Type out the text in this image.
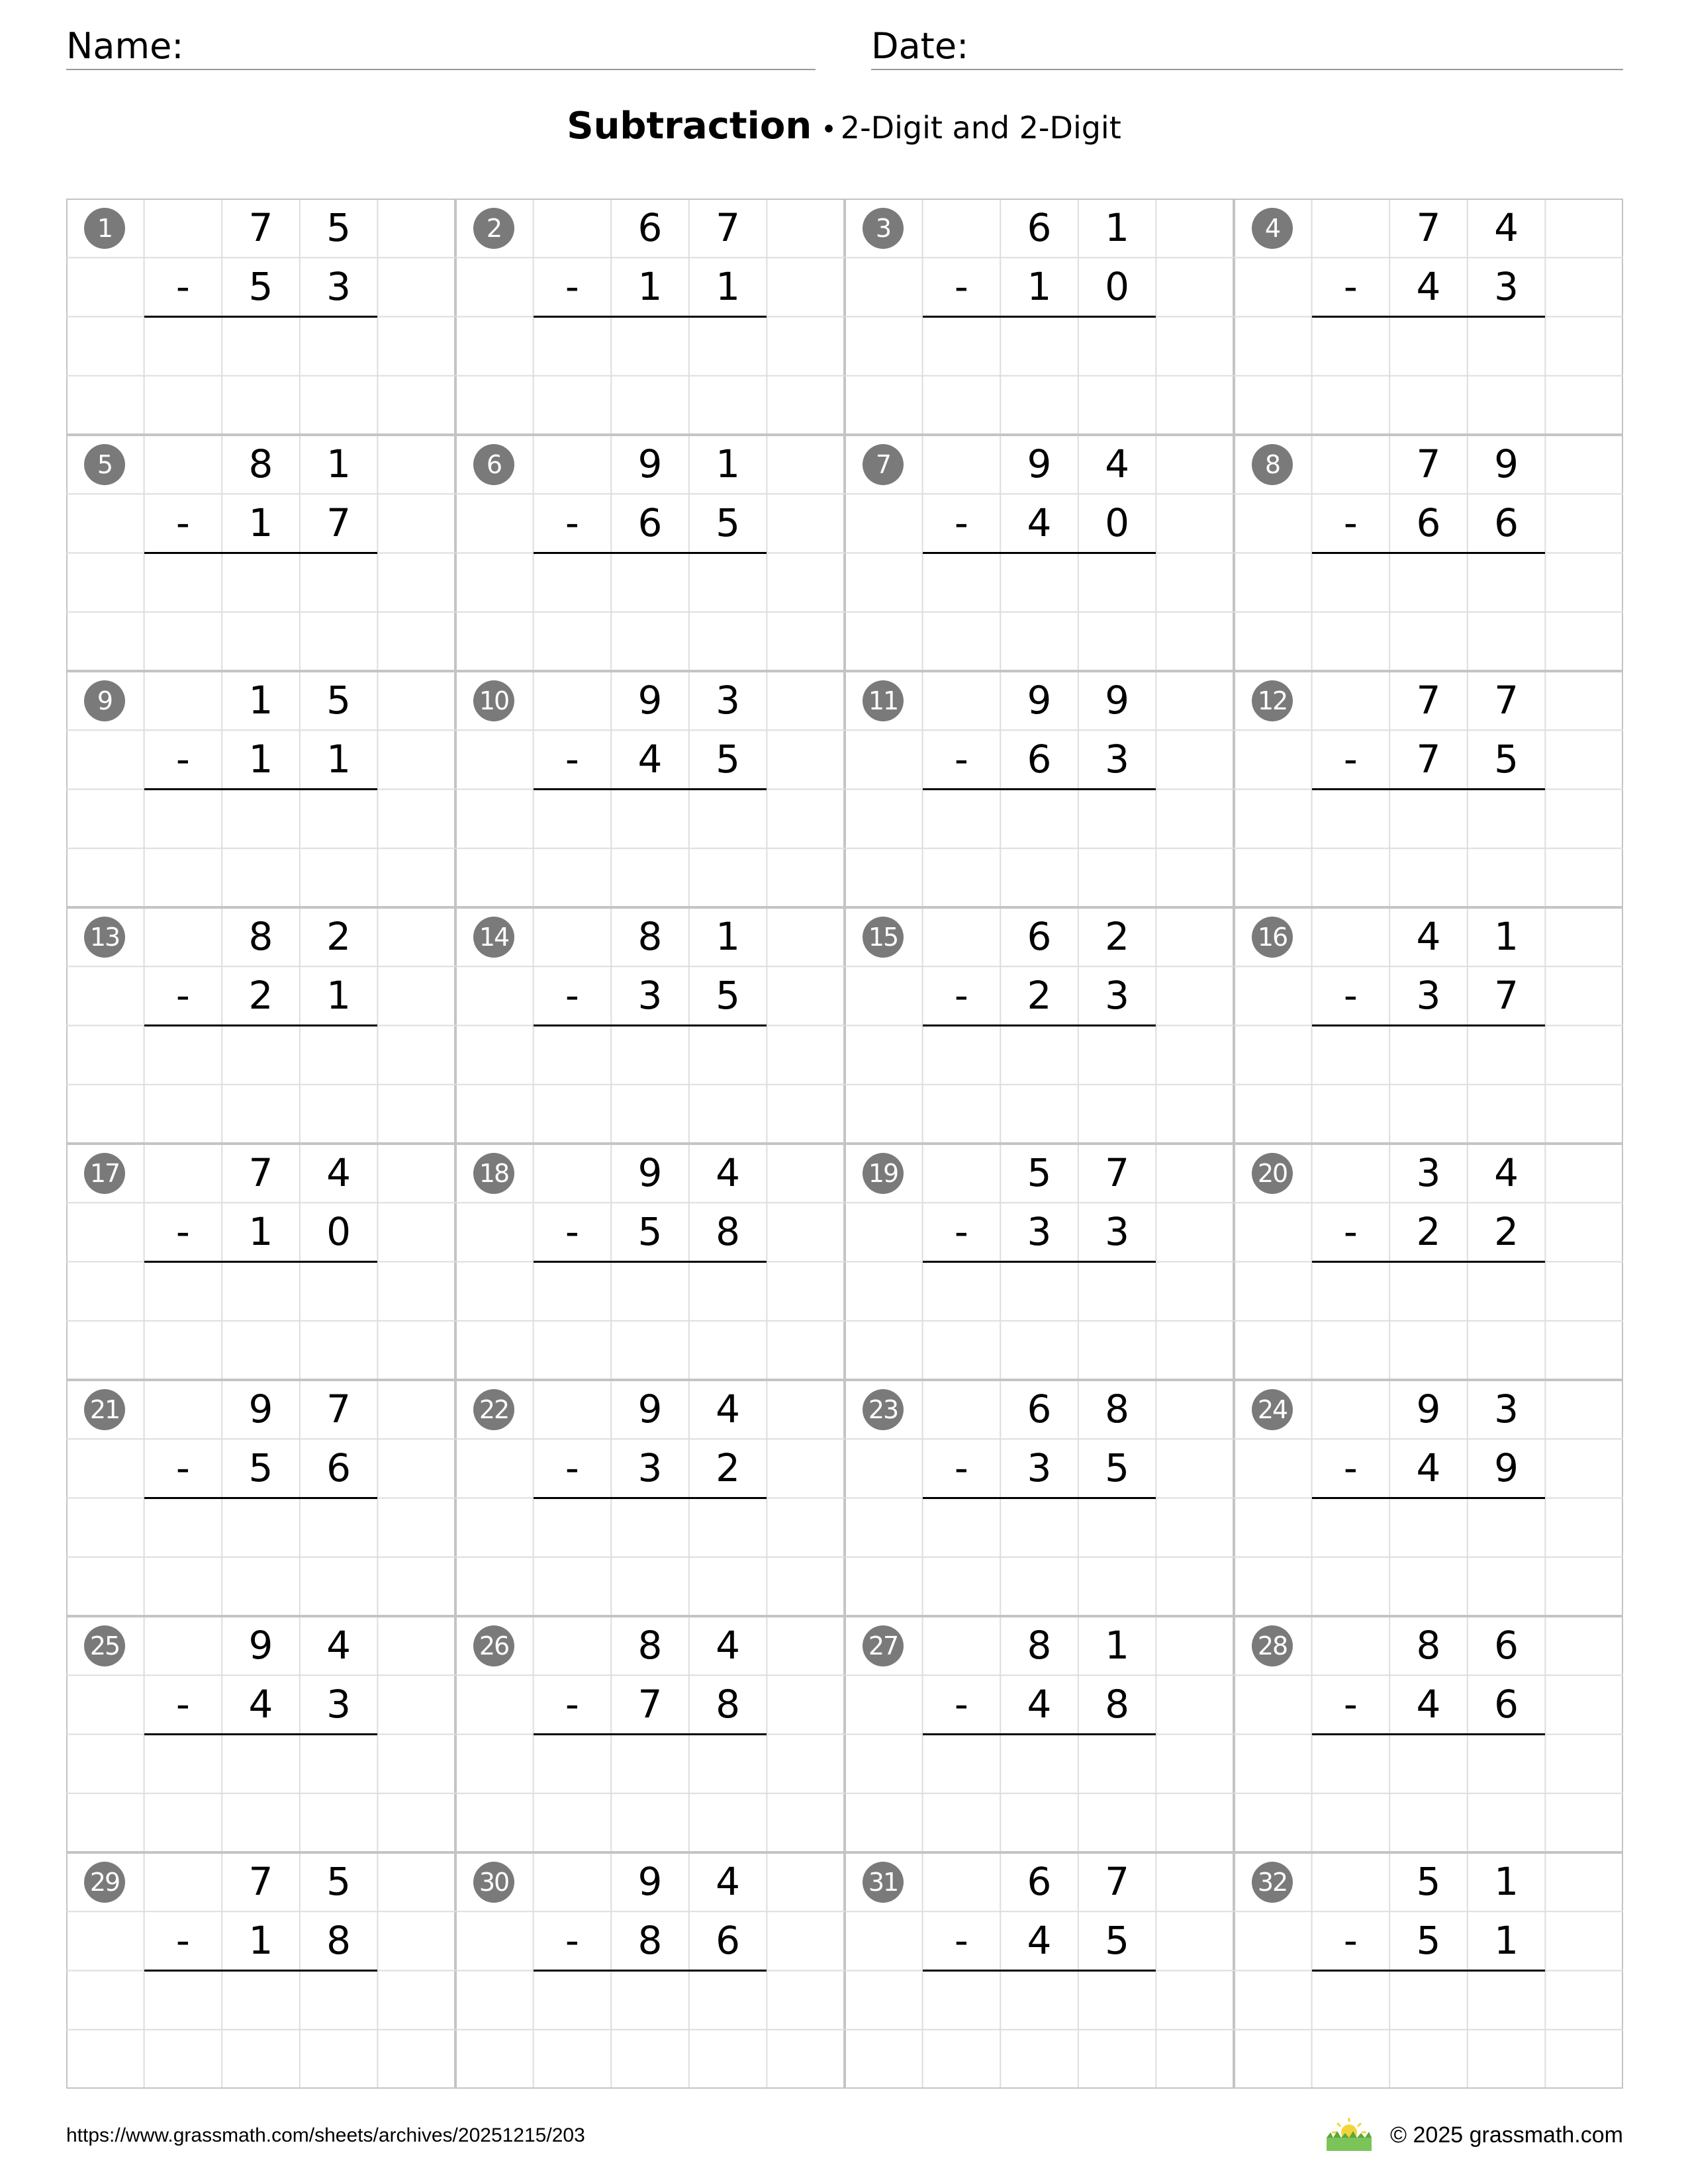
Name:	Date:
Subtraction • 2-Digit and 2-Digit
1	7	5
-	5	3
2	6	7
-	1	1
3	6	1
-	1	0
4	7	4
-	4	3
5	8	1
-	1	7
6	9	1
-	6	5
7	9	4
-	4	0
8	7	9
-	6	6
9	1	5
-	1	1
10	9	3
-	4	5
11	9	9
-	6	3
12	7	7
-	7	5
13	8	2
-	2	1
14	8	1
-	3	5
15	6	2
-	2	3
16	4	1
-	3	7
17	7	4
-	1	0
18	9	4
-	5	8
19	5	7
-	3	3
20	3	4
-	2	2
21	9	7
-	5	6
22	9	4
-	3	2
23	6	8
-	3	5
24	9	3
-	4	9
25	9	4
-	4	3
26	8	4
-	7	8
27	8	1
-	4	8
28	8	6
-	4	6
29	7	5
-	1	8
30	9	4
-	8	6
31	6	7
-	4	5
32	5	1
-	5	1
https://www.grassmath.com/sheets/archives/20251215/203	© 2025 grassmath.com
